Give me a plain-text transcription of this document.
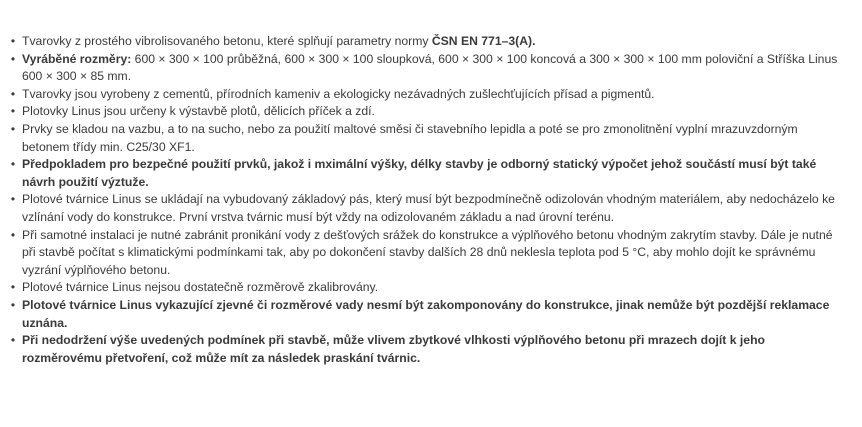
• Tvarovky z prostého vibrolisovaného betonu, které splňují parametry normy ČSN EN 771–3(A).
• Vyráběné rozměry: 600 × 300 × 100 průběžná, 600 × 300 × 100 sloupková, 600 × 300 × 100 koncová a 300 × 300 × 100 mm poloviční a Stříška Linus 600 × 300 × 85 mm.
• Tvarovky jsou vyrobeny z cementů, přírodních kameniv a ekologicky nezávadných zušlechťujících přísad a pigmentů.
• Plotovky Linus jsou určeny k výstavbě plotů, dělicích příček a zdí.
• Prvky se kladou na vazbu, a to na sucho, nebo za použití maltové směsi či stavebního lepidla a poté se pro zmonolitnění vyplní mrazuvzdorným betonem třídy min. C25/30 XF1.
• Předpokladem pro bezpečné použití prvků, jakož i mximální výšky, délky stavby je odborný statický výpočet jehož součástí musí být také návrh použití výztuže.
• Plotové tvárnice Linus se ukládají na vybudovaný základový pás, který musí být bezpodmínečně odizolován vhodným materiálem, aby nedocházelo ke vzlínání vody do konstrukce. První vrstva tvárnic musí být vždy na odizolovaném základu a nad úrovní terénu.
• Při samotné instalaci je nutné zabránit pronikání vody z dešťových srážek do konstrukce a výplňového betonu vhodným zakrytím stavby. Dále je nutné při stavbě počítat s klimatickými podmínkami tak, aby po dokončení stavby dalších 28 dnů neklesla teplota pod 5 °C, aby mohlo dojít ke správnému vyzrání výplňového betonu.
• Plotové tvárnice Linus nejsou dostatečně rozměrově zkalibrovány.
• Plotové tvárnice Linus vykazující zjevné či rozměrové vady nesmí být zakomponovány do konstrukce, jinak nemůže být pozdější reklamace uznána.
• Při nedodržení výše uvedených podmínek při stavbě, může vlivem zbytkové vlhkosti výplňového betonu při mrazech dojít k jeho rozměrovému přetvoření, což může mít za následek praskání tvárnic.
